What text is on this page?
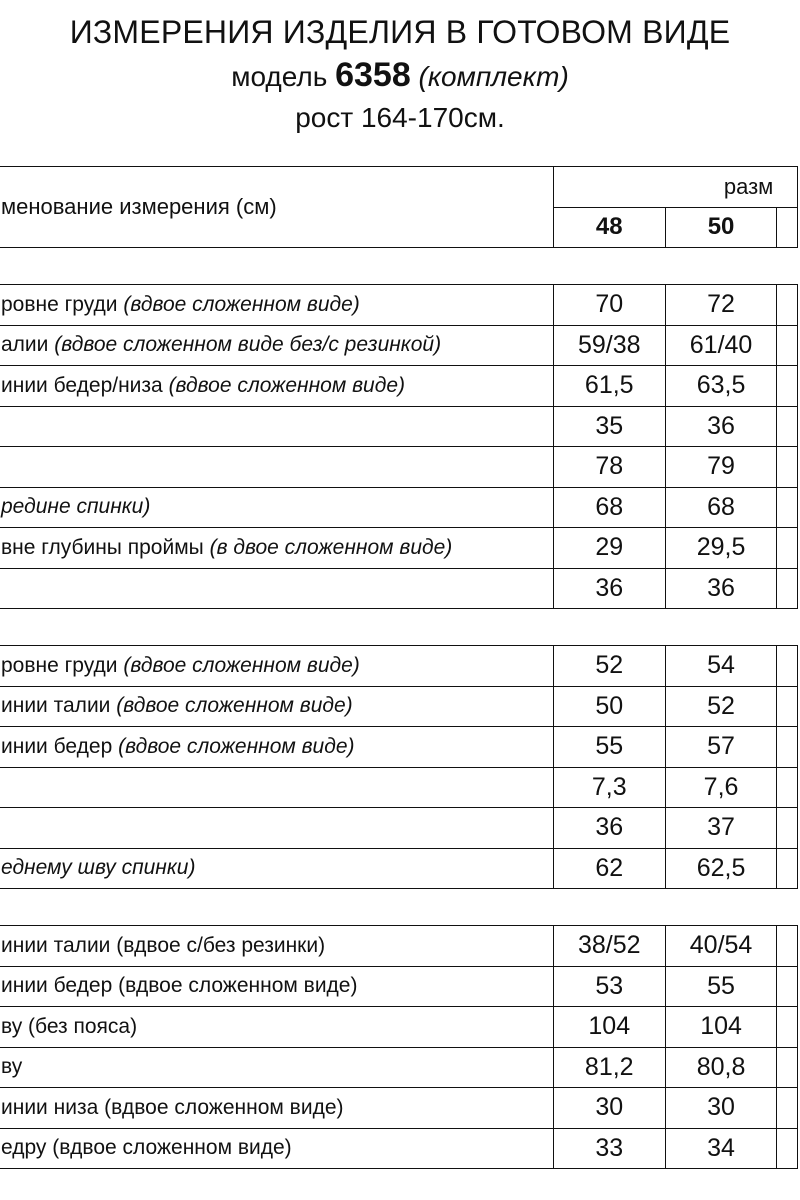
ИЗМЕРЕНИЯ ИЗДЕЛИЯ В ГОТОВОМ ВИДЕ
модель 6358 (комплект)
рост 164-170см.
менование измерения (см)	разм		
	48	50	

ровне груди (вдвое сложенном виде)	70	72	
алии (вдвое сложенном виде без/с резинкой)	59/38	61/40	
инии бедер/низа (вдвое сложенном виде)	61,5	63,5	
	35	36	
	78	79	
редине спинки)	68	68	
вне глубины проймы (в двое сложенном виде)	29	29,5	
	36	36	

ровне груди (вдвое сложенном виде)	52	54	
инии талии (вдвое сложенном виде)	50	52	
инии бедер (вдвое сложенном виде)	55	57	
	7,3	7,6	
	36	37	
еднему шву спинки)	62	62,5	

инии талии (вдвое с/без резинки)	38/52	40/54	
инии бедер (вдвое сложенном виде)	53	55	
ву (без пояса)	104	104	
ву	81,2	80,8	
инии низа (вдвое сложенном виде)	30	30	
едру (вдвое сложенном виде)	33	34	
